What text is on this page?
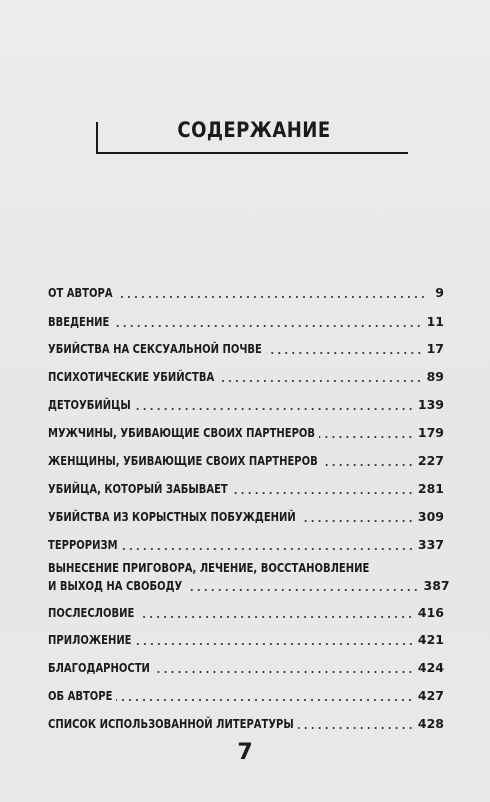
СОДЕРЖАНИЕ
ОТ АВТОРА	9
ВВЕДЕНИЕ	11
УБИЙСТВА НА СЕКСУАЛЬНОЙ ПОЧВЕ	17
ПСИХОТИЧЕСКИЕ УБИЙСТВА	89
ДЕТОУБИЙЦЫ	139
МУЖЧИНЫ, УБИВАЮЩИЕ СВОИХ ПАРТНЕРОВ	179
ЖЕНЩИНЫ, УБИВАЮЩИЕ СВОИХ ПАРТНЕРОВ	227
УБИЙЦА, КОТОРЫЙ ЗАБЫВАЕТ	281
УБИЙСТВА ИЗ КОРЫСТНЫХ ПОБУЖДЕНИЙ	309
ТЕРРОРИЗМ	337
ВЫНЕСЕНИЕ ПРИГОВОРА, ЛЕЧЕНИЕ, ВОССТАНОВЛЕНИЕ
И ВЫХОД НА СВОБОДУ	387
ПОСЛЕСЛОВИЕ	416
ПРИЛОЖЕНИЕ	421
БЛАГОДАРНОСТИ	424
ОБ АВТОРЕ	427
СПИСОК ИСПОЛЬЗОВАННОЙ ЛИТЕРАТУРЫ	428
7
